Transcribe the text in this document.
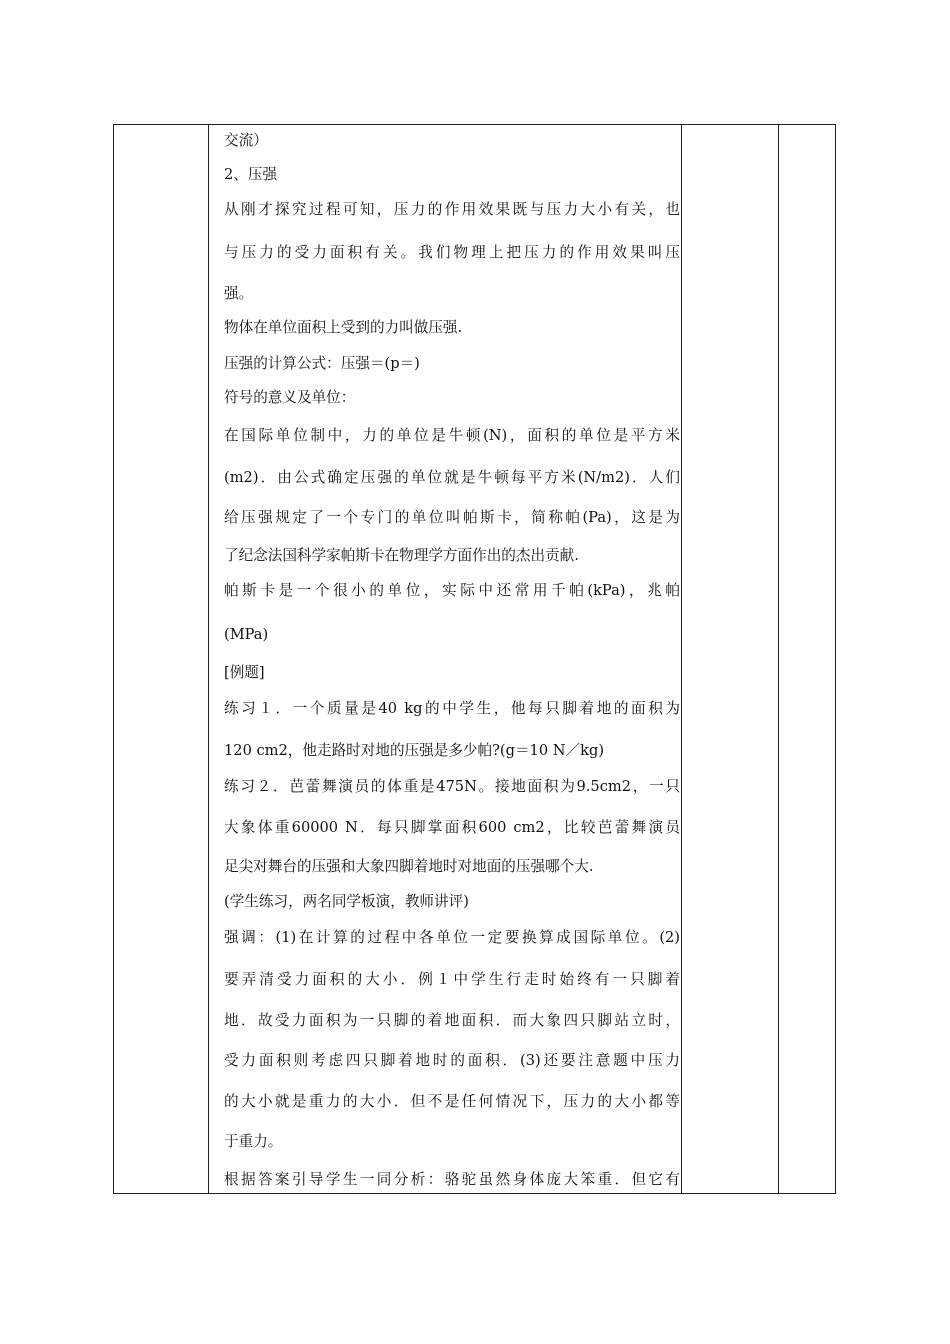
交流）
2、压强
从刚才探究过程可知，压力的作用效果既与压力大小有关，也
与压力的受力面积有关。我们物理上把压力的作用效果叫压
强。
物体在单位面积上受到的力叫做压强.
压强的计算公式：压强＝(p＝)
符号的意义及单位：
在国际单位制中，力的单位是牛顿(N)，面积的单位是平方米
(m2)．由公式确定压强的单位就是牛顿每平方米(N/m2)．人们
给压强规定了一个专门的单位叫帕斯卡，简称帕(Pa)，这是为
了纪念法国科学家帕斯卡在物理学方面作出的杰出贡献.
帕斯卡是一个很小的单位，实际中还常用千帕(kPa)，兆帕
(MPa)
[例题]
练习１．一个质量是40 kg的中学生，他每只脚着地的面积为
120 cm2，他走路时对地的压强是多少帕?(g＝10 N／kg)
练习２．芭蕾舞演员的体重是475N。接地面积为9.5cm2，一只
大象体重60000 N．每只脚掌面积600 cm2，比较芭蕾舞演员
足尖对舞台的压强和大象四脚着地时对地面的压强哪个大.
(学生练习，两名同学板演，教师讲评)
强调：(1)在计算的过程中各单位一定要换算成国际单位。(2)
要弄清受力面积的大小．例１中学生行走时始终有一只脚着
地．故受力面积为一只脚的着地面积．而大象四只脚站立时，
受力面积则考虑四只脚着地时的面积．(3)还要注意题中压力
的大小就是重力的大小．但不是任何情况下，压力的大小都等
于重力。
根据答案引导学生一同分析：骆驼虽然身体庞大笨重．但它有
